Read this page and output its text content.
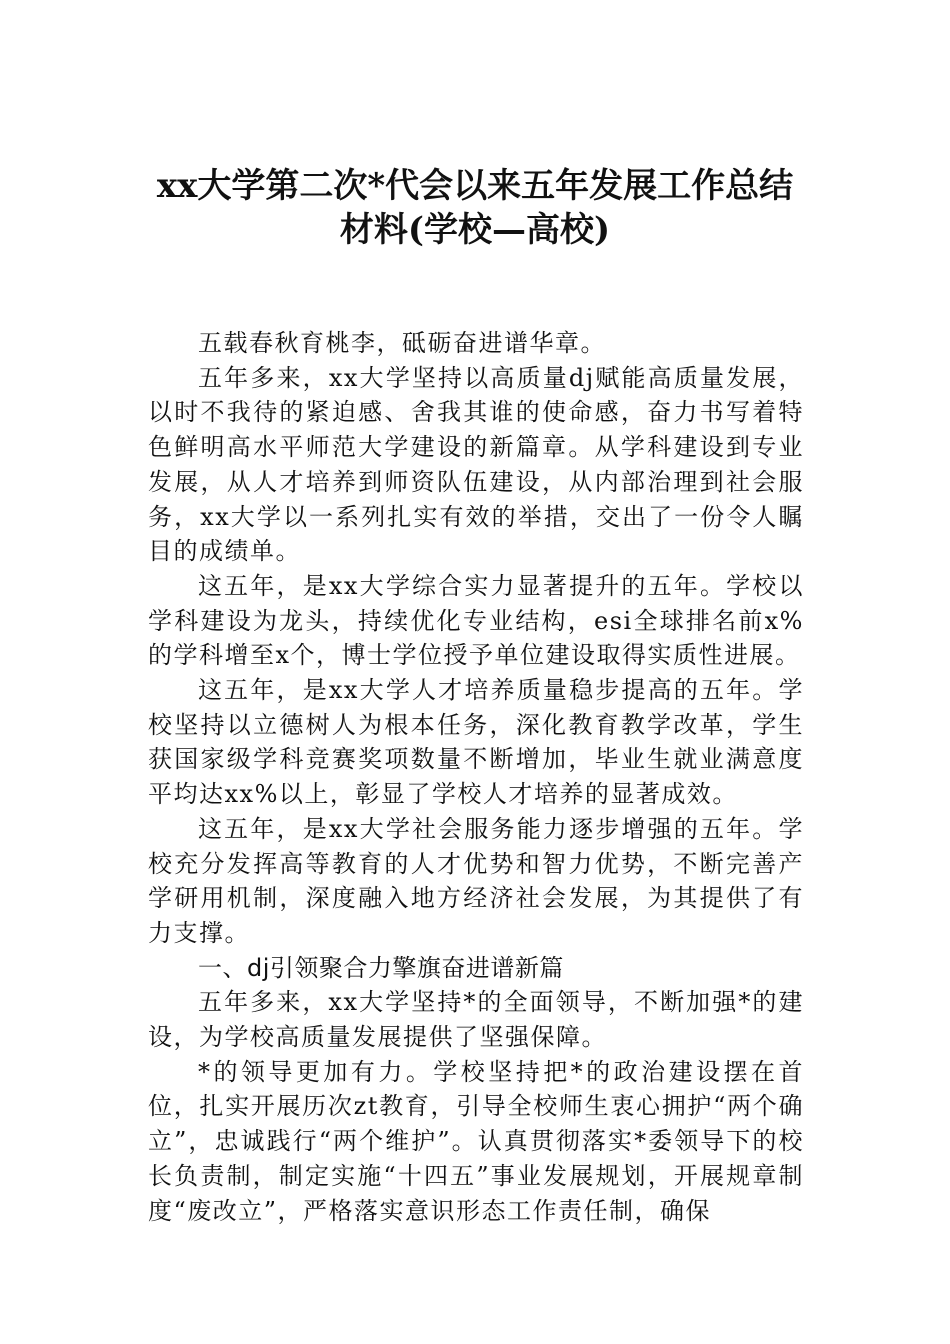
xx大学第二次*代会以来五年发展工作总结
材料(学校—高校)

五载春秋育桃李，砥砺奋进谱华章。

五年多来，xx大学坚持以高质量dj赋能高质量发展，以时不我待的紧迫感、舍我其谁的使命感，奋力书写着特色鲜明高水平师范大学建设的新篇章。从学科建设到专业发展，从人才培养到师资队伍建设，从内部治理到社会服务，xx大学以一系列扎实有效的举措，交出了一份令人瞩目的成绩单。

这五年，是xx大学综合实力显著提升的五年。学校以学科建设为龙头，持续优化专业结构，esi全球排名前x%的学科增至x个，博士学位授予单位建设取得实质性进展。

这五年，是xx大学人才培养质量稳步提高的五年。学校坚持以立德树人为根本任务，深化教育教学改革，学生获国家级学科竞赛奖项数量不断增加，毕业生就业满意度平均达xx%以上，彰显了学校人才培养的显著成效。

这五年，是xx大学社会服务能力逐步增强的五年。学校充分发挥高等教育的人才优势和智力优势，不断完善产学研用机制，深度融入地方经济社会发展，为其提供了有力支撑。

一、dj引领聚合力擎旗奋进谱新篇

五年多来，xx大学坚持*的全面领导，不断加强*的建设，为学校高质量发展提供了坚强保障。

*的领导更加有力。学校坚持把*的政治建设摆在首位，扎实开展历次zt教育，引导全校师生衷心拥护“两个确立”，忠诚践行“两个维护”。认真贯彻落实*委领导下的校长负责制，制定实施“十四五”事业发展规划，开展规章制度“废改立”，严格落实意识形态工作责任制，确保
